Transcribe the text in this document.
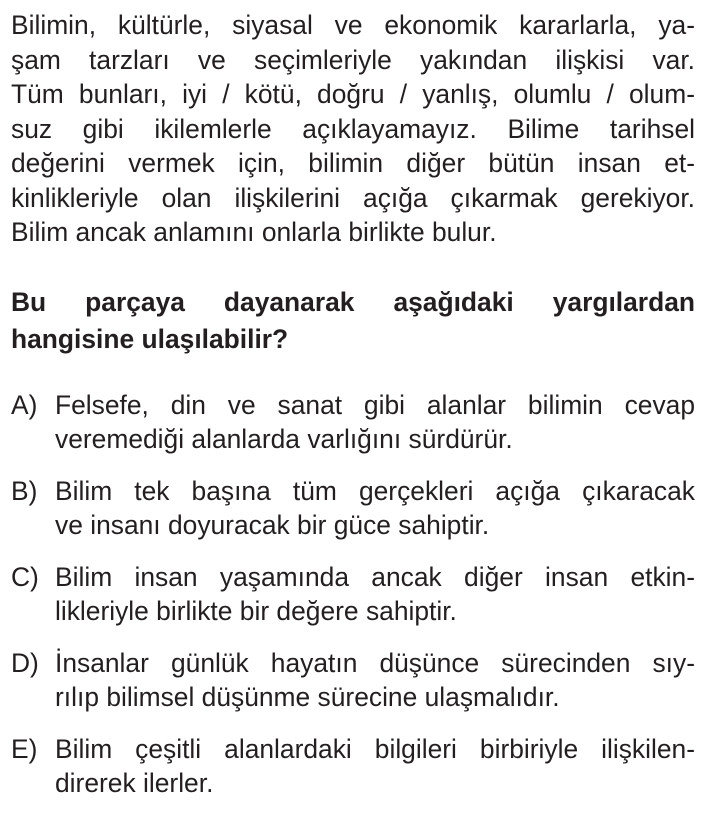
Bilimin, kültürle, siyasal ve ekonomik kararlarla, ya-
şam tarzları ve seçimleriyle yakından ilişkisi var.
Tüm bunları, iyi / kötü, doğru / yanlış, olumlu / olum-
suz gibi ikilemlerle açıklayamayız. Bilime tarihsel
değerini vermek için, bilimin diğer bütün insan et-
kinlikleriyle olan ilişkilerini açığa çıkarmak gerekiyor.
Bilim ancak anlamını onlarla birlikte bulur.
Bu parçaya dayanarak aşağıdaki yargılardan
hangisine ulaşılabilir?
A) Felsefe, din ve sanat gibi alanlar bilimin cevap
veremediği alanlarda varlığını sürdürür.
B) Bilim tek başına tüm gerçekleri açığa çıkaracak
ve insanı doyuracak bir güce sahiptir.
C) Bilim insan yaşamında ancak diğer insan etkin-
likleriyle birlikte bir değere sahiptir.
D) İnsanlar günlük hayatın düşünce sürecinden sıy-
rılıp bilimsel düşünme sürecine ulaşmalıdır.
E) Bilim çeşitli alanlardaki bilgileri birbiriyle ilişkilen-
direrek ilerler.
